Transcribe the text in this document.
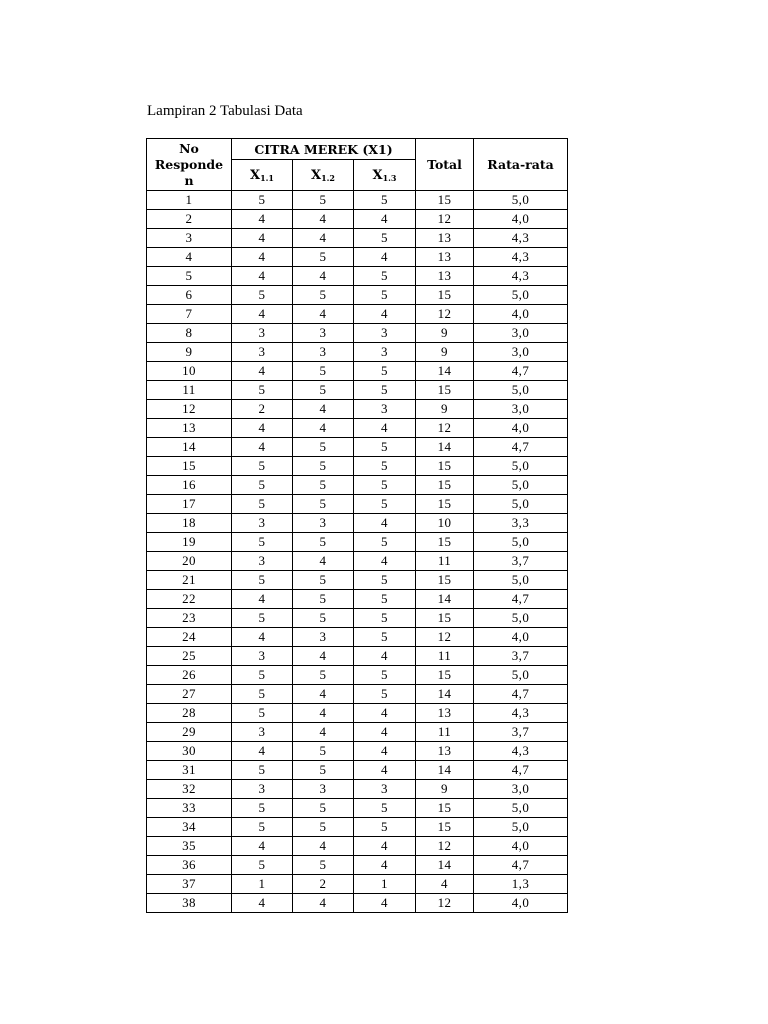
Lampiran 2 Tabulasi Data
No
Responde
n	CITRA MEREK (X1)			Total	Rata-rata
	$X_{1.1}$	$X_{1.2}$	$X_{1.3}$
1	5	5	5	15	5,0
2	4	4	4	12	4,0
3	4	4	5	13	4,3
4	4	5	4	13	4,3
5	4	4	5	13	4,3
6	5	5	5	15	5,0
7	4	4	4	12	4,0
8	3	3	3	9	3,0
9	3	3	3	9	3,0
10	4	5	5	14	4,7
11	5	5	5	15	5,0
12	2	4	3	9	3,0
13	4	4	4	12	4,0
14	4	5	5	14	4,7
15	5	5	5	15	5,0
16	5	5	5	15	5,0
17	5	5	5	15	5,0
18	3	3	4	10	3,3
19	5	5	5	15	5,0
20	3	4	4	11	3,7
21	5	5	5	15	5,0
22	4	5	5	14	4,7
23	5	5	5	15	5,0
24	4	3	5	12	4,0
25	3	4	4	11	3,7
26	5	5	5	15	5,0
27	5	4	5	14	4,7
28	5	4	4	13	4,3
29	3	4	4	11	3,7
30	4	5	4	13	4,3
31	5	5	4	14	4,7
32	3	3	3	9	3,0
33	5	5	5	15	5,0
34	5	5	5	15	5,0
35	4	4	4	12	4,0
36	5	5	4	14	4,7
37	1	2	1	4	1,3
38	4	4	4	12	4,0
